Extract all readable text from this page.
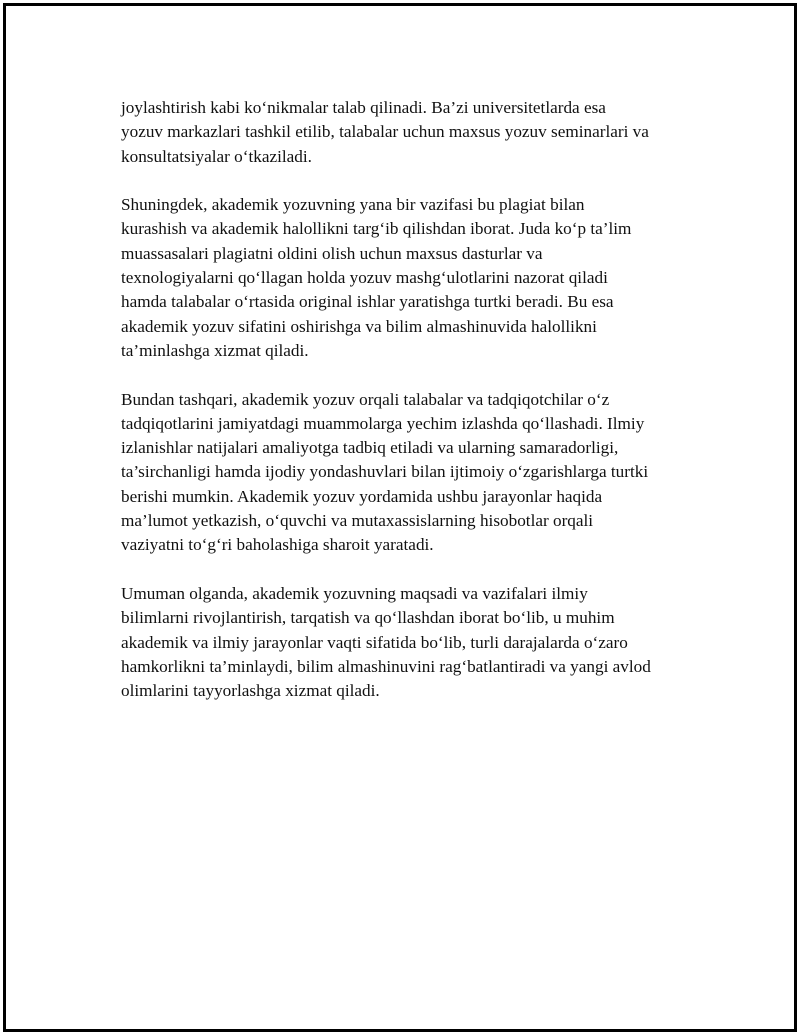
joylashtirish kabi ko‘nikmalar talab qilinadi. Ba’zi universitetlarda esa
yozuv markazlari tashkil etilib, talabalar uchun maxsus yozuv seminarlari va
konsultatsiyalar o‘tkaziladi.

Shuningdek, akademik yozuvning yana bir vazifasi bu plagiat bilan
kurashish va akademik halollikni targ‘ib qilishdan iborat. Juda ko‘p ta’lim
muassasalari plagiatni oldini olish uchun maxsus dasturlar va
texnologiyalarni qo‘llagan holda yozuv mashg‘ulotlarini nazorat qiladi
hamda talabalar o‘rtasida original ishlar yaratishga turtki beradi. Bu esa
akademik yozuv sifatini oshirishga va bilim almashinuvida halollikni
ta’minlashga xizmat qiladi.

Bundan tashqari, akademik yozuv orqali talabalar va tadqiqotchilar o‘z
tadqiqotlarini jamiyatdagi muammolarga yechim izlashda qo‘llashadi. Ilmiy
izlanishlar natijalari amaliyotga tadbiq etiladi va ularning samaradorligi,
ta’sirchanligi hamda ijodiy yondashuvlari bilan ijtimoiy o‘zgarishlarga turtki
berishi mumkin. Akademik yozuv yordamida ushbu jarayonlar haqida
ma’lumot yetkazish, o‘quvchi va mutaxassislarning hisobotlar orqali
vaziyatni to‘g‘ri baholashiga sharoit yaratadi.

Umuman olganda, akademik yozuvning maqsadi va vazifalari ilmiy
bilimlarni rivojlantirish, tarqatish va qo‘llashdan iborat bo‘lib, u muhim
akademik va ilmiy jarayonlar vaqti sifatida bo‘lib, turli darajalarda o‘zaro
hamkorlikni ta’minlaydi, bilim almashinuvini rag‘batlantiradi va yangi avlod
olimlarini tayyorlashga xizmat qiladi.
